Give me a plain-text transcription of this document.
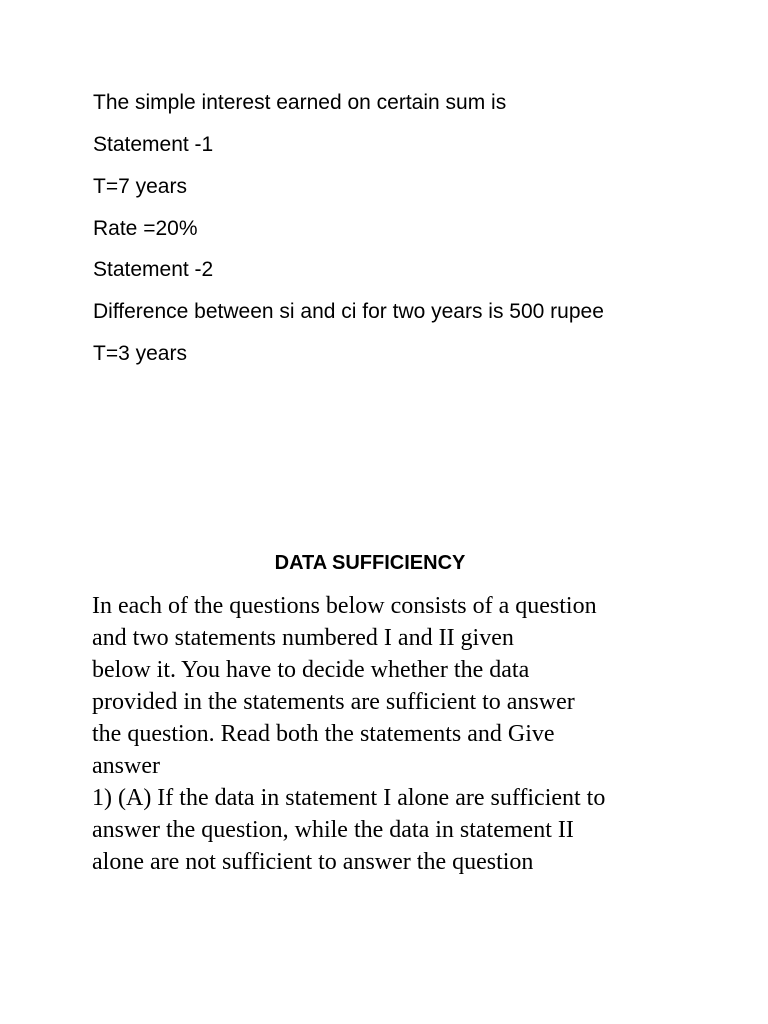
The simple interest earned on certain sum is

Statement -1

T=7 years

Rate =20%

Statement -2

Difference between si and ci for two years is 500 rupee

T=3 years

DATA SUFFICIENCY
In each of the questions below consists of a question
and two statements numbered I and II given
below it. You have to decide whether the data
provided in the statements are sufficient to answer
the question. Read both the statements and Give
answer
1) (A) If the data in statement I alone are sufficient to
answer the question, while the data in statement II
alone are not sufficient to answer the question
